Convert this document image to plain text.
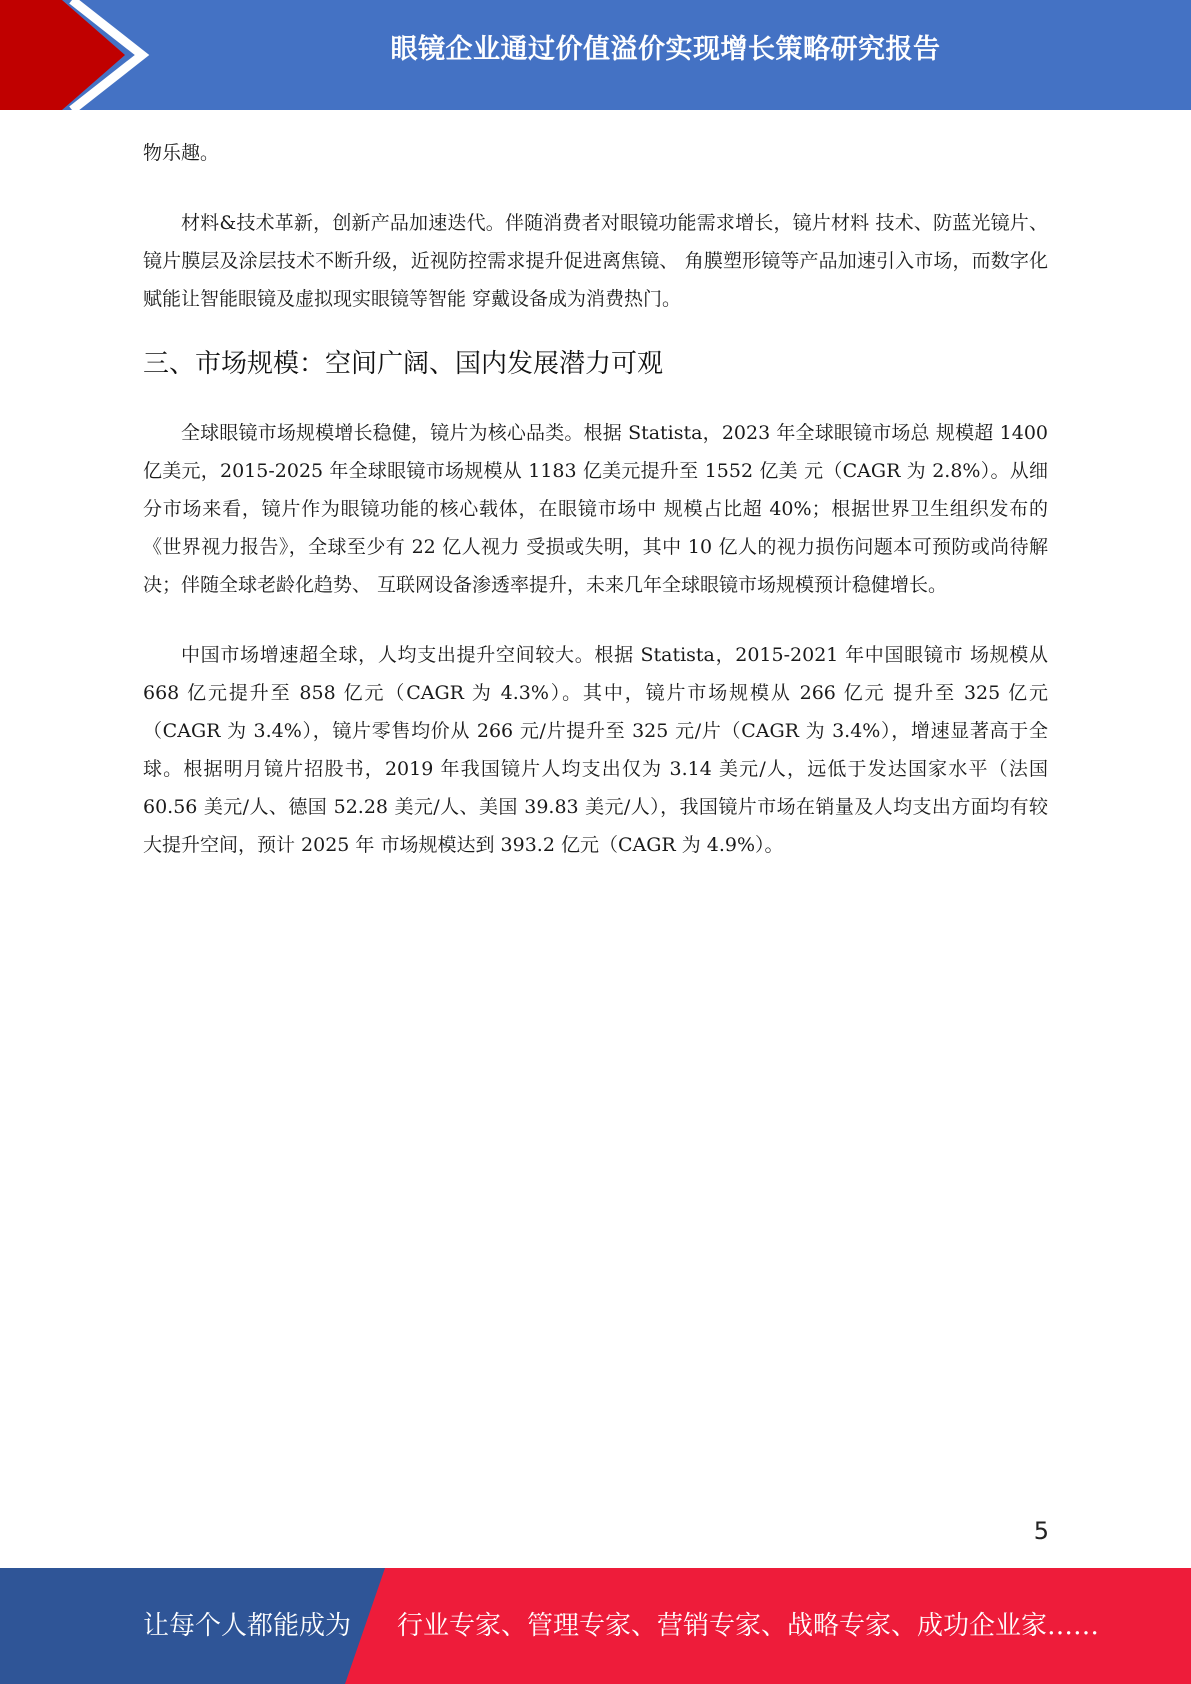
眼镜企业通过价值溢价实现增长策略研究报告

物乐趣。

材料&技术革新，创新产品加速迭代。伴随消费者对眼镜功能需求增长，镜片材料 技术、防蓝光镜片、镜片膜层及涂层技术不断升级，近视防控需求提升促进离焦镜、 角膜塑形镜等产品加速引入市场，而数字化赋能让智能眼镜及虚拟现实眼镜等智能 穿戴设备成为消费热门。

三、市场规模：空间广阔、国内发展潜力可观

全球眼镜市场规模增长稳健，镜片为核心品类。根据 Statista，2023 年全球眼镜市场总 规模超 1400 亿美元，2015-2025 年全球眼镜市场规模从 1183 亿美元提升至 1552 亿美 元（CAGR 为 2.8%）。从细分市场来看，镜片作为眼镜功能的核心载体，在眼镜市场中 规模占比超 40%；根据世界卫生组织发布的《世界视力报告》，全球至少有 22 亿人视力 受损或失明，其中 10 亿人的视力损伤问题本可预防或尚待解决；伴随全球老龄化趋势、 互联网设备渗透率提升，未来几年全球眼镜市场规模预计稳健增长。

中国市场增速超全球，人均支出提升空间较大。根据 Statista，2015-2021 年中国眼镜市 场规模从 668 亿元提升至 858 亿元（CAGR 为 4.3%）。其中，镜片市场规模从 266 亿元 提升至 325 亿元（CAGR 为 3.4%），镜片零售均价从 266 元/片提升至 325 元/片（CAGR 为 3.4%），增速显著高于全球。根据明月镜片招股书，2019 年我国镜片人均支出仅为 3.14 美元/人，远低于发达国家水平（法国 60.56 美元/人、德国 52.28 美元/人、美国 39.83 美元/人），我国镜片市场在销量及人均支出方面均有较大提升空间，预计 2025 年 市场规模达到 393.2 亿元（CAGR 为 4.9%）。

5
让每个人都能成为 行业专家、管理专家、营销专家、战略专家、成功企业家……
